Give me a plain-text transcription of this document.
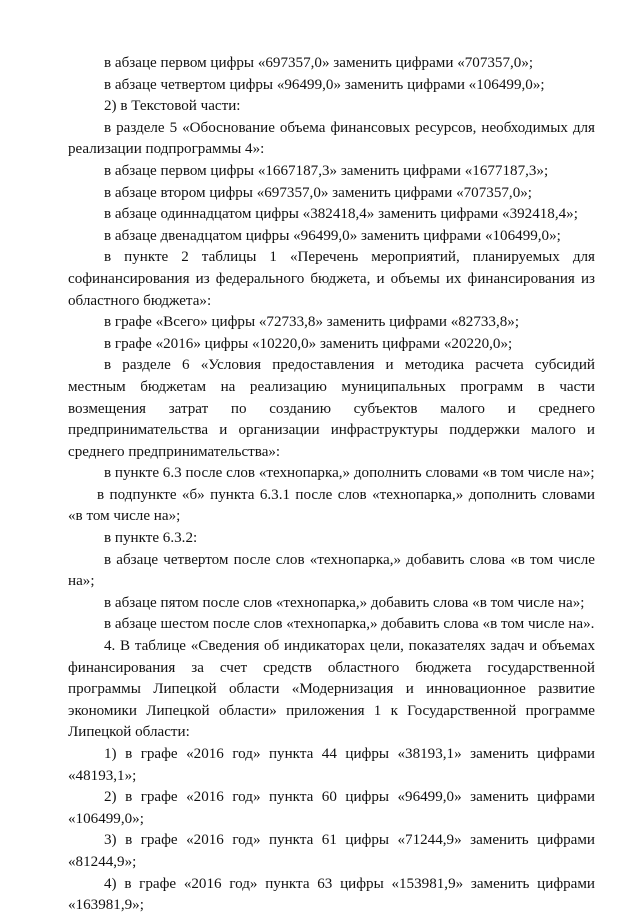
в абзаце первом цифры «697357,0» заменить цифрами «707357,0»;

в абзаце четвертом цифры «96499,0» заменить цифрами «106499,0»;

2) в Текстовой части:

в разделе 5 «Обоснование объема финансовых ресурсов, необходимых для реализации подпрограммы 4»:

в абзаце первом цифры «1667187,3» заменить цифрами «1677187,3»;

в абзаце втором цифры «697357,0» заменить цифрами «707357,0»;

в абзаце одиннадцатом цифры «382418,4» заменить цифрами «392418,4»;

в абзаце двенадцатом цифры «96499,0» заменить цифрами «106499,0»;

в пункте 2 таблицы 1 «Перечень мероприятий, планируемых для софинансирования из федерального бюджета, и объемы их финансирования из областного бюджета»:

в графе «Всего» цифры «72733,8» заменить цифрами «82733,8»;

в графе «2016» цифры «10220,0» заменить цифрами «20220,0»;

в разделе 6 «Условия предоставления и методика расчета субсидий местным бюджетам на реализацию муниципальных программ в части возмещения затрат по созданию субъектов малого и среднего предпринимательства и организации инфраструктуры поддержки малого и среднего предпринимательства»:

в пункте 6.3 после слов «технопарка,» дополнить словами «в том числе на»;

в подпункте «б» пункта 6.3.1 после слов «технопарка,» дополнить словами «в том числе на»;

в пункте 6.3.2:

в абзаце четвертом после слов «технопарка,» добавить слова «в том числе на»;

в абзаце пятом после слов «технопарка,» добавить слова «в том числе на»;

в абзаце шестом после слов «технопарка,» добавить слова «в том числе на».

4. В таблице «Сведения об индикаторах цели, показателях задач и объемах финансирования за счет средств областного бюджета государственной программы Липецкой области «Модернизация и инновационное развитие экономики Липецкой области» приложения 1 к Государственной программе Липецкой области:

1) в графе «2016 год» пункта 44 цифры «38193,1» заменить цифрами «48193,1»;

2) в графе «2016 год» пункта 60 цифры «96499,0» заменить цифрами «106499,0»;

3) в графе «2016 год» пункта 61 цифры «71244,9» заменить цифрами «81244,9»;

4) в графе «2016 год» пункта 63 цифры «153981,9» заменить цифрами «163981,9»;
